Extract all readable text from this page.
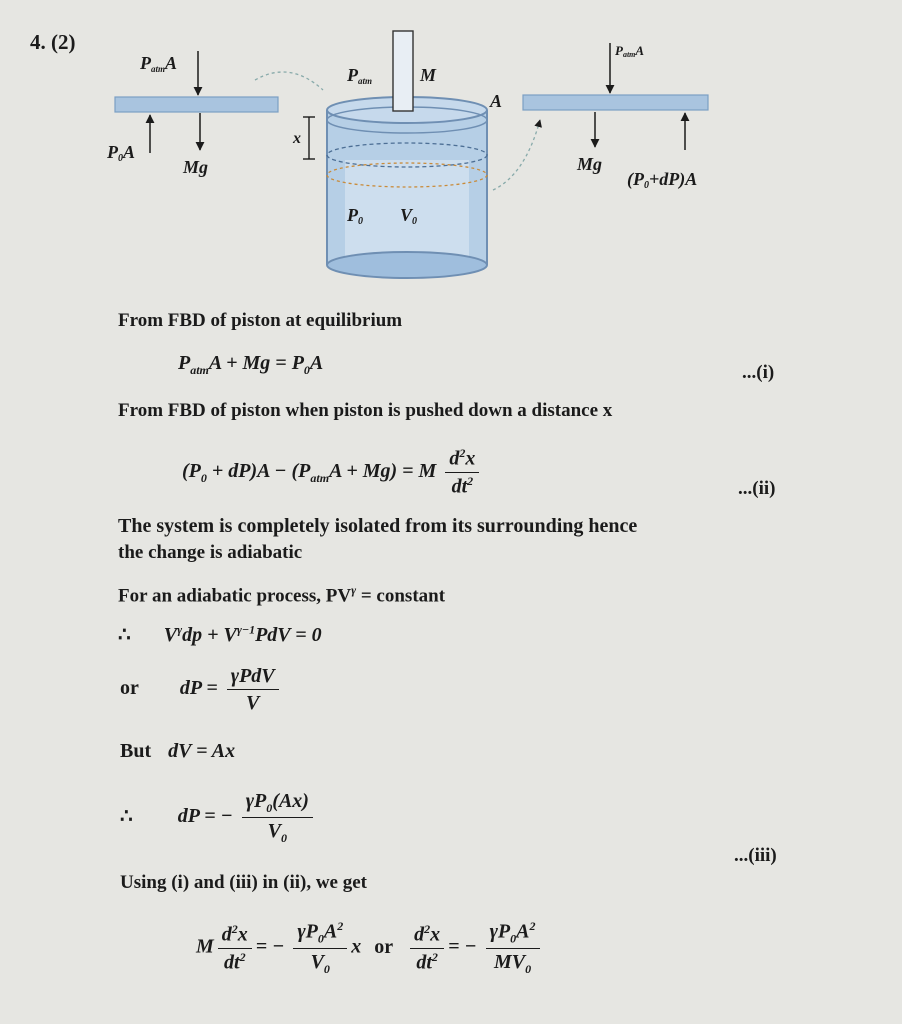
4. (2)
PatmA
P0A
Mg
x
Patm	M
A
P0 V0
PatmA
Mg
(P0+dP)A
From FBD of piston at equilibrium
$P_{atm}A + Mg = P_0A$	...(i)
From FBD of piston when piston is pushed down a distance x
$(P_0 + dP)A - (P_{atm}A + Mg) = M \frac{d^2x}{dt^2}$	...(ii)
The system is completely isolated from its surrounding hence
the change is adiabatic
For an adiabatic process, $PV^\gamma$ = constant
∴ $V^\gamma dp + V^{\gamma-1}PdV = 0$
or dP = $\frac{\text{γPdV}}{V}$
But dV = Ax
∴ dP = − $\frac{\gamma P_0(Ax)}{V_0}$
...(iii)
Using (i) and (iii) in (ii), we get
M $\frac{d^2x}{dt^2}$ = − $\frac{\gamma P_0A^2}{V_0}$ x or $\frac{d^2x}{dt^2}$ = − $\frac{\gamma P_0A^2}{MV_0}$
